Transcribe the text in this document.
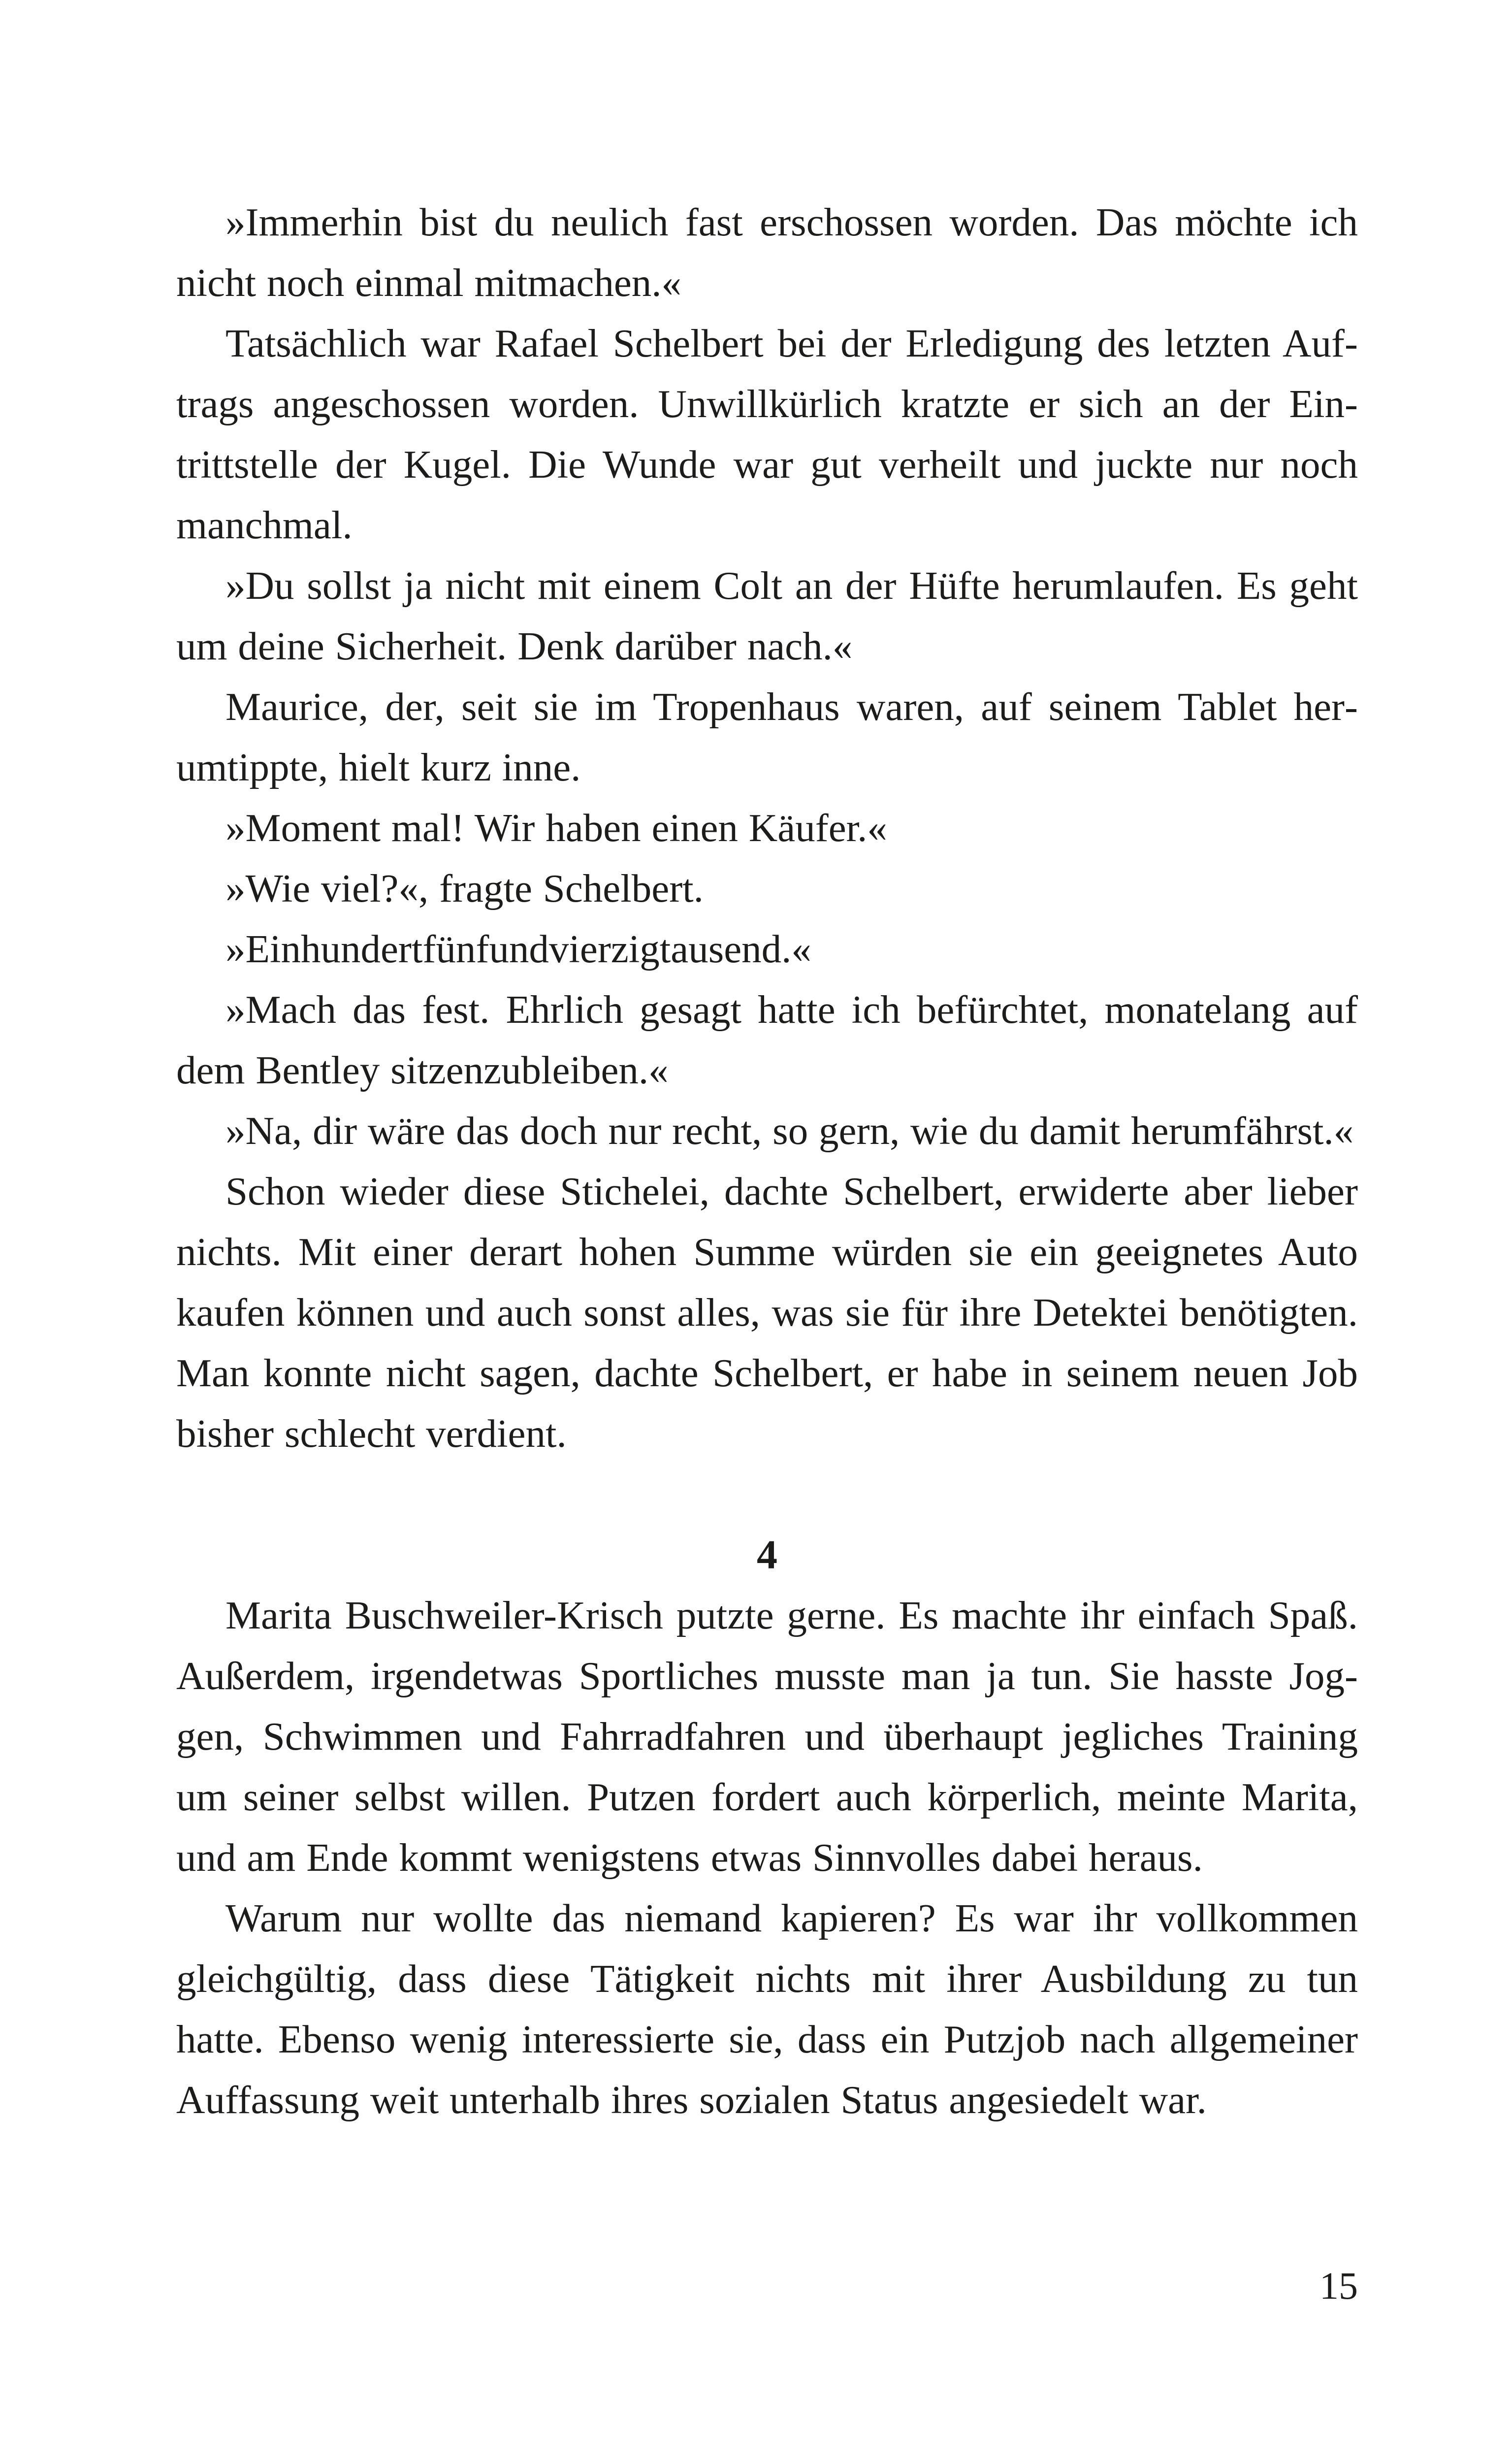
»Immerhin bist du neulich fast erschossen worden. Das möchte ich nicht noch einmal mitmachen.«

Tatsächlich war Rafael Schelbert bei der Erledigung des letzten Auftrags angeschossen worden. Unwillkürlich kratzte er sich an der Eintrittstelle der Kugel. Die Wunde war gut verheilt und juckte nur noch manchmal.

»Du sollst ja nicht mit einem Colt an der Hüfte herumlaufen. Es geht um deine Sicherheit. Denk darüber nach.«

Maurice, der, seit sie im Tropenhaus waren, auf seinem Tablet herumtippte, hielt kurz inne.

»Moment mal! Wir haben einen Käufer.«

»Wie viel?«, fragte Schelbert.

»Einhundertfünfundvierzigtausend.«

»Mach das fest. Ehrlich gesagt hatte ich befürchtet, monatelang auf dem Bentley sitzenzubleiben.«

»Na, dir wäre das doch nur recht, so gern, wie du damit herumfährst.«

Schon wieder diese Stichelei, dachte Schelbert, erwiderte aber lieber nichts. Mit einer derart hohen Summe würden sie ein geeignetes Auto kaufen können und auch sonst alles, was sie für ihre Detektei benötigten. Man konnte nicht sagen, dachte Schelbert, er habe in seinem neuen Job bisher schlecht verdient.

4

Marita Buschweiler-Krisch putzte gerne. Es machte ihr einfach Spaß. Außerdem, irgendetwas Sportliches musste man ja tun. Sie hasste Joggen, Schwimmen und Fahrradfahren und überhaupt jegliches Training um seiner selbst willen. Putzen fordert auch körperlich, meinte Marita, und am Ende kommt wenigstens etwas Sinnvolles dabei heraus.

Warum nur wollte das niemand kapieren? Es war ihr vollkommen gleichgültig, dass diese Tätigkeit nichts mit ihrer Ausbildung zu tun hatte. Ebenso wenig interessierte sie, dass ein Putzjob nach allgemeiner Auffassung weit unterhalb ihres sozialen Status angesiedelt war.

15
